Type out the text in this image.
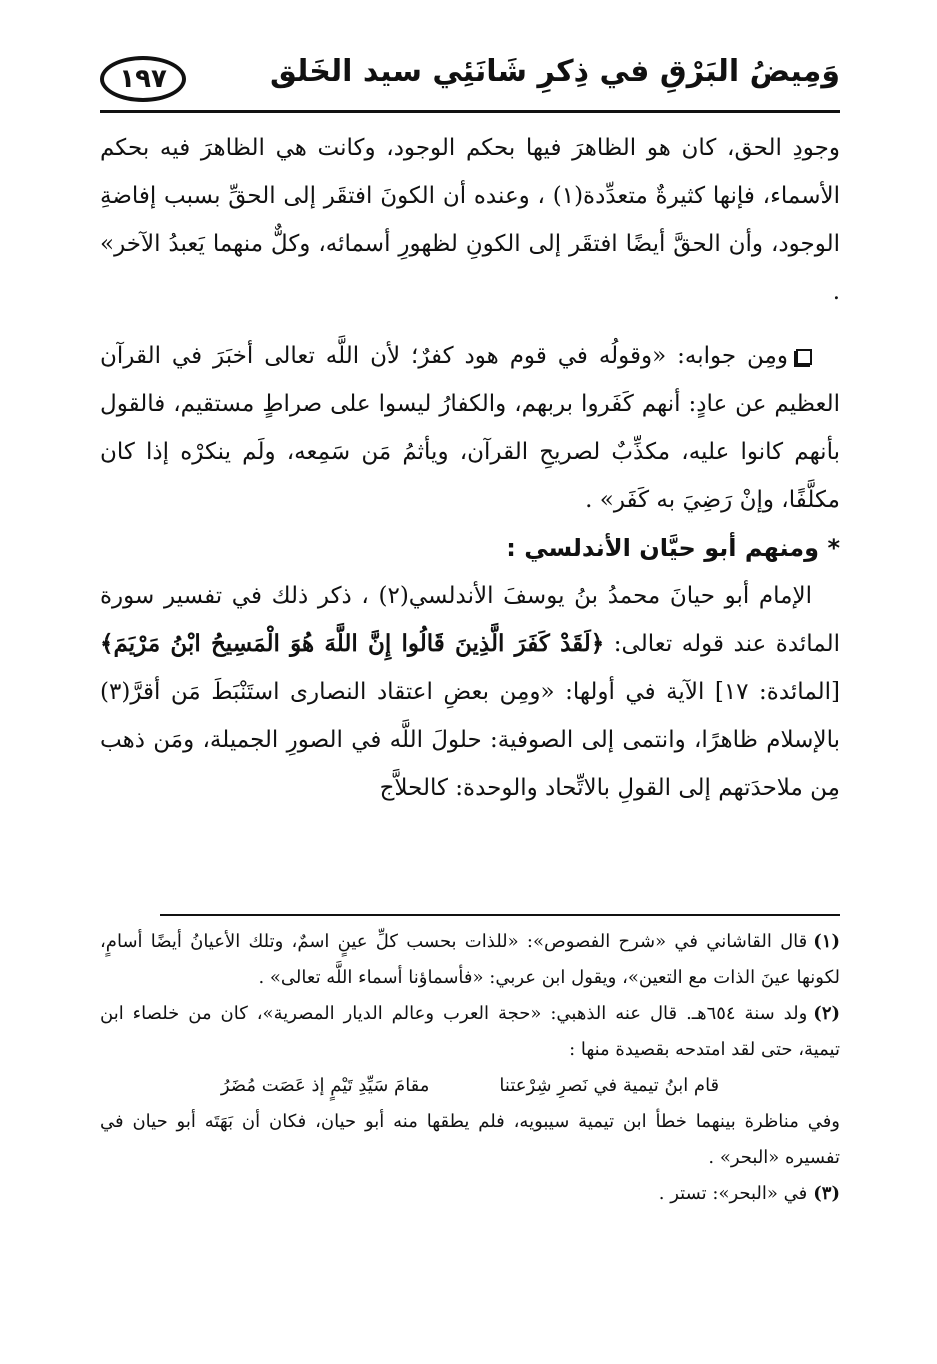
وَمِيضُ البَرْقِ في ذِكرِ شَانَئِي سيد الخَلق
١٩٧

وجودِ الحق، كان هو الظاهرَ فيها بحكم الوجود، وكانت هي الظاهرَ فيه بحكم الأسماء، فإنها كثيرةٌ متعدِّدة(١) ، وعنده أن الكونَ افتقَر إلى الحقِّ بسبب إفاضةِ الوجود، وأن الحقَّ أيضًا افتقَر إلى الكونِ لظهورِ أسمائه، وكلٌّ منهما يَعبدُ الآخر» .

ومِن جوابه: «وقولُه في قوم هود كفرٌ؛ لأن اللَّه تعالى أخبَرَ في القرآن العظيم عن عادٍ: أنهم كَفَروا بربهم، والكفارُ ليسوا على صراطٍ مستقيم، فالقول بأنهم كانوا عليه، مكذِّبٌ لصريحِ القرآن، ويأثمُ مَن سَمِعه، ولَم ينكرْه إذا كان مكلَّفًا، وإنْ رَضِيَ به كَفَر» .

* ومنهم أبو حيَّان الأندلسي :

الإمام أبو حيانَ محمدُ بنُ يوسفَ الأندلسي(٢) ، ذكر ذلك في تفسير سورة المائدة عند قوله تعالى: ﴿لَقَدْ كَفَرَ الَّذِينَ قَالُوا إِنَّ اللَّهَ هُوَ الْمَسِيحُ ابْنُ مَرْيَمَ﴾ [المائدة: ١٧] الآية في أولها: «ومِن بعضِ اعتقاد النصارى استَنْبَطَ مَن أقرَّ(٣) بالإسلام ظاهرًا، وانتمى إلى الصوفية: حلولَ اللَّه في الصورِ الجميلة، ومَن ذهب مِن ملاحدَتهم إلى القولِ بالاتِّحاد والوحدة: كالحلاَّج

(١)قال القاشاني في «شرح الفصوص»: «للذات بحسب كلِّ عينٍ اسمٌ، وتلك الأعيانُ أيضًا أسامٍ، لكونها عينَ الذات مع التعين»، ويقول ابن عربي: «فأسماؤنا أسماء اللَّه تعالى» .

(٢)ولد سنة ٦٥٤هـ. قال عنه الذهبي: «حجة العرب وعالم الديار المصرية»، كان من خلصاء ابن تيمية، حتى لقد امتدحه بقصيدة منها :

قام ابنُ تيمية في نَصرِ شِرْعتنا
مقامَ سَيِّدِ تَيْمٍ إذ عَصَت مُضَرُ

وفي مناظرة بينهما خطأ ابن تيمية سيبويه، فلم يطقها منه أبو حيان، فكان أن بَهَتَه أبو حيان في تفسيره «البحر» .

(٣)في «البحر»: تستر .
